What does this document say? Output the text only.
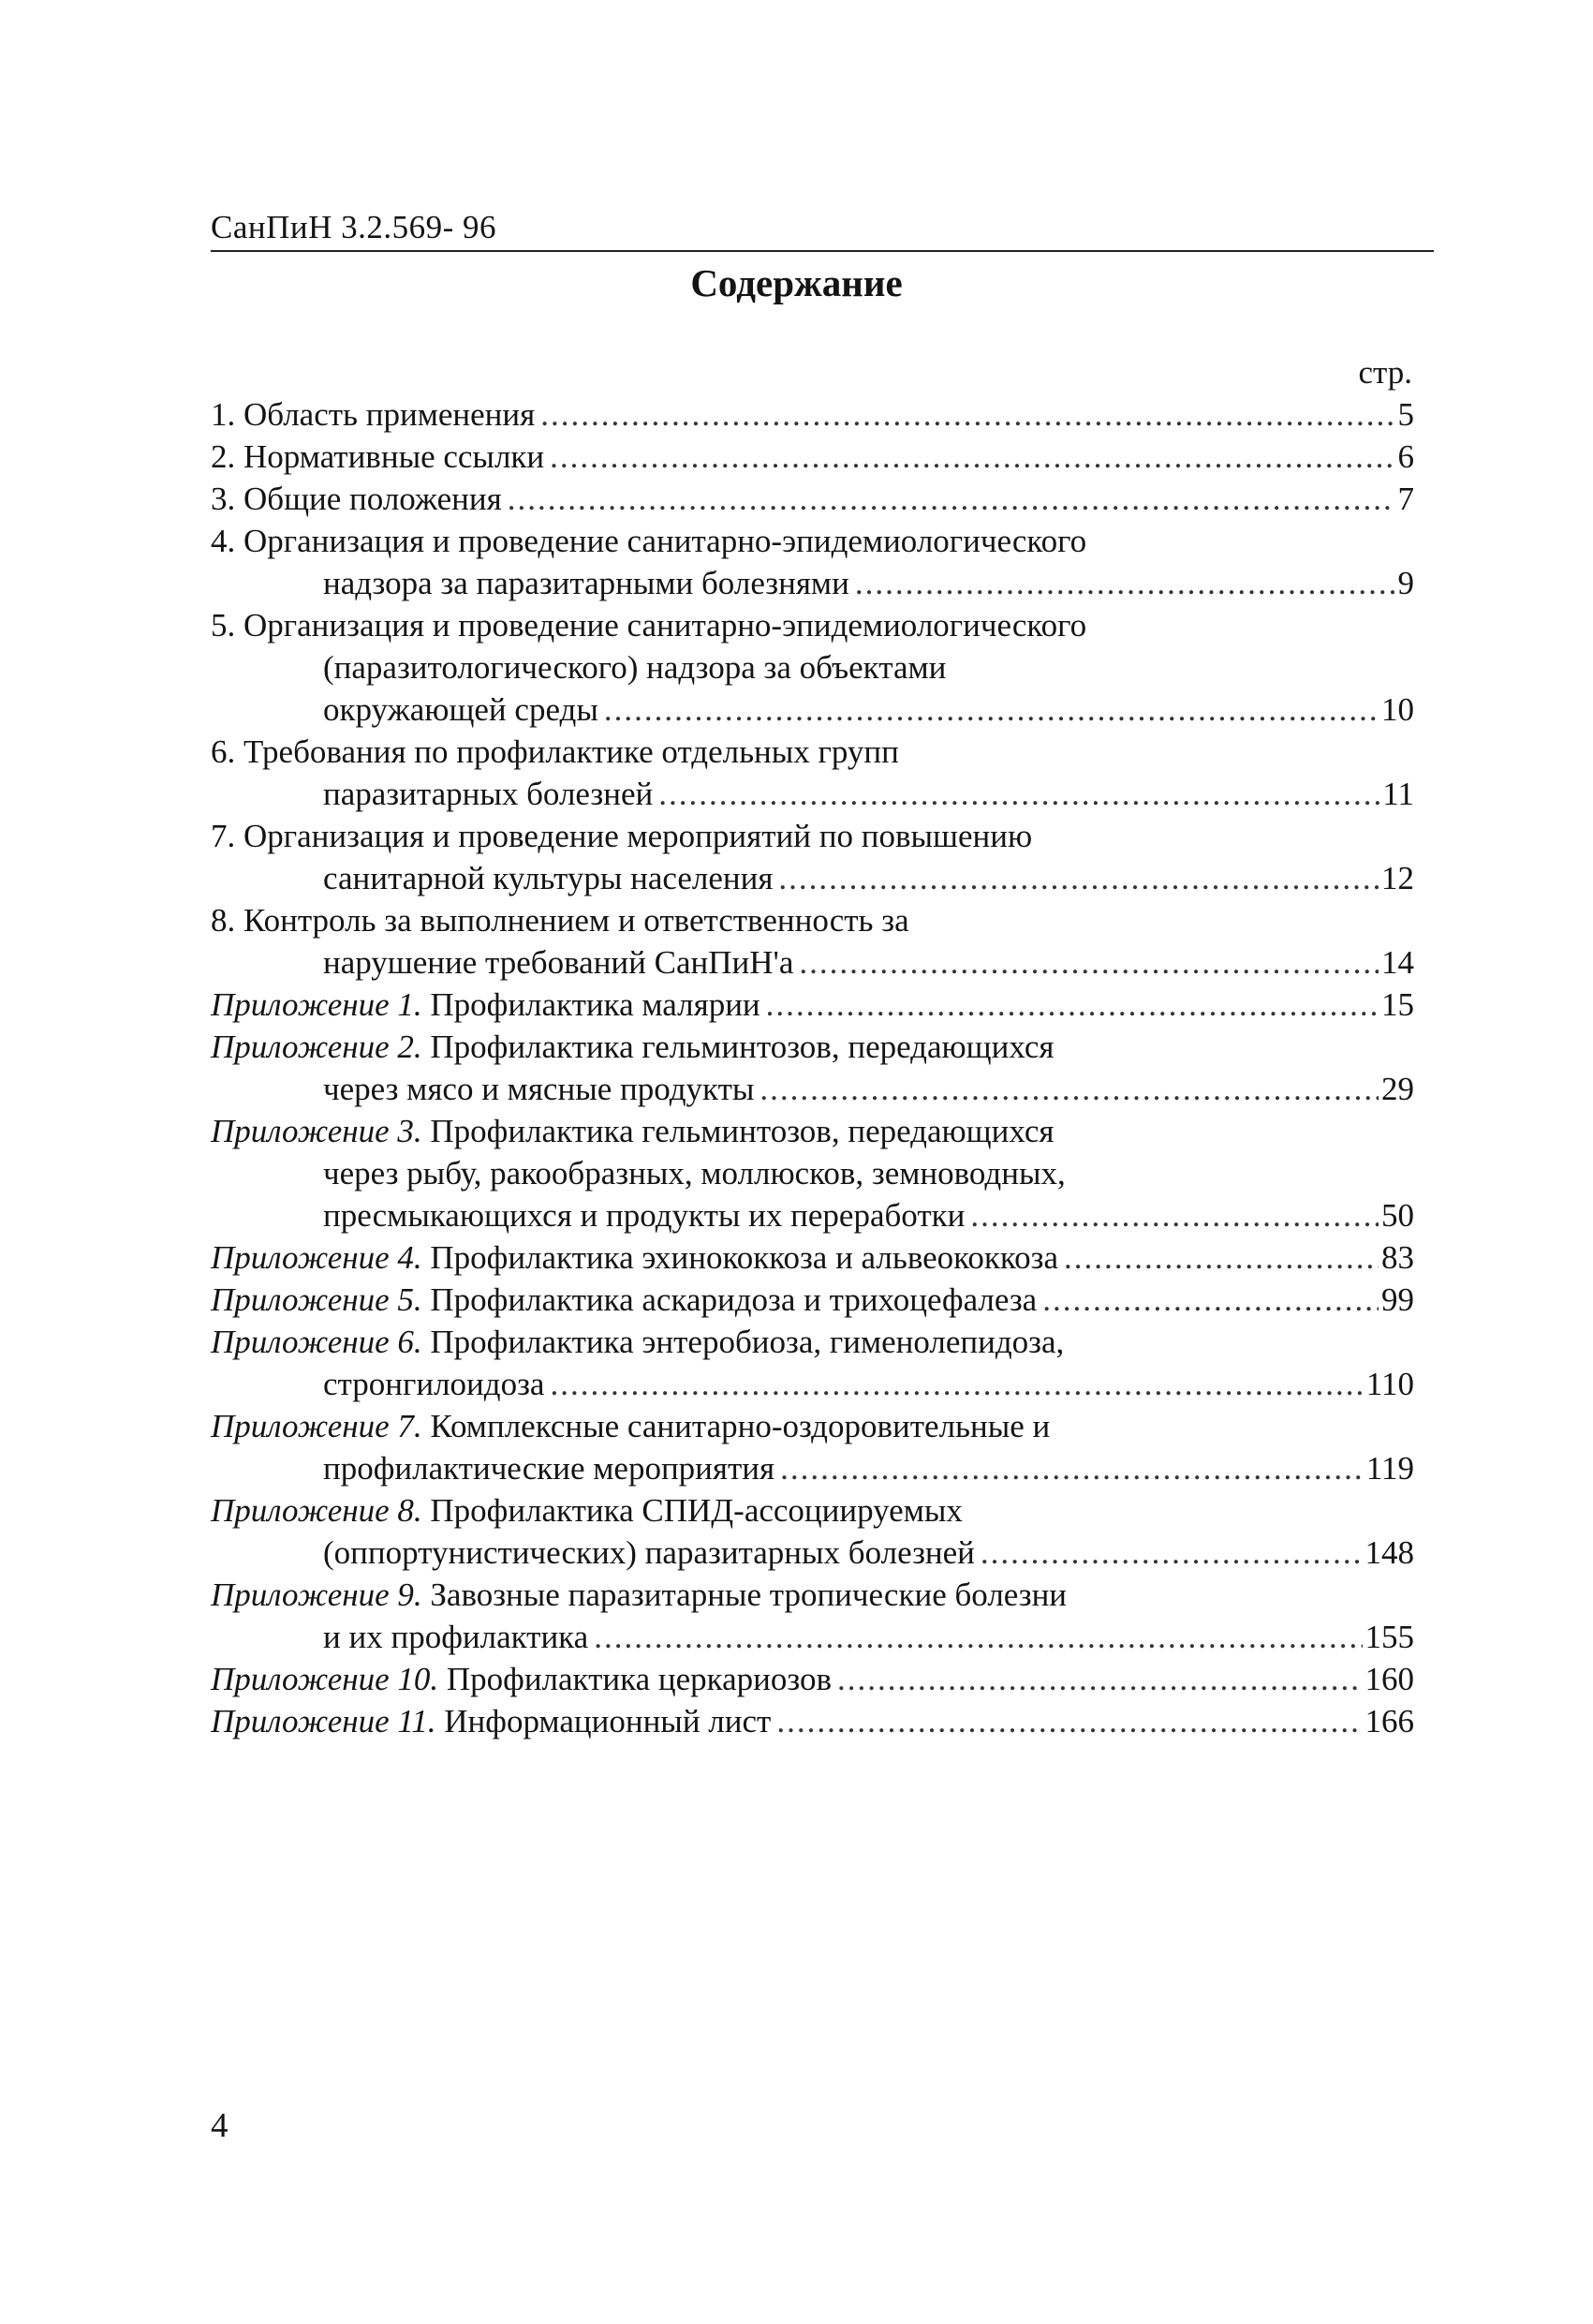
СанПиН 3.2.569- 96
Содержание
стр.
1. Область применения .....	5
2. Нормативные ссылки .....	6
3. Общие положения .....	7
4. Организация и проведение санитарно-эпидемиологического
надзора за паразитарными болезнями .....	9
5. Организация и проведение санитарно-эпидемиологического
(паразитологического) надзора за объектами
окружающей среды .....	10
6. Требования по профилактике отдельных групп
паразитарных болезней .....	11
7. Организация и проведение мероприятий по повышению
санитарной культуры населения .....	12
8. Контроль за выполнением и ответственность за
нарушение требований СанПиН'а .....	14
Приложение 1. Профилактика малярии .....	15
Приложение 2. Профилактика гельминтозов, передающихся
через мясо и мясные продукты .....	29
Приложение 3. Профилактика гельминтозов, передающихся
через рыбу, ракообразных, моллюсков, земноводных,
пресмыкающихся и продукты их переработки .....	50
Приложение 4. Профилактика эхинококкоза и альвеококкоза .....	83
Приложение 5. Профилактика аскаридоза и трихоцефалеза .....	99
Приложение 6. Профилактика энтеробиоза, гименолепидоза,
стронгилоидоза .....	110
Приложение 7. Комплексные санитарно-оздоровительные и
профилактические мероприятия .....	119
Приложение 8. Профилактика СПИД-ассоциируемых
(оппортунистических) паразитарных болезней .....	148
Приложение 9. Завозные паразитарные тропические болезни
и их профилактика .....	155
Приложение 10. Профилактика церкариозов .....	160
Приложение 11. Информационный лист .....	166
4
